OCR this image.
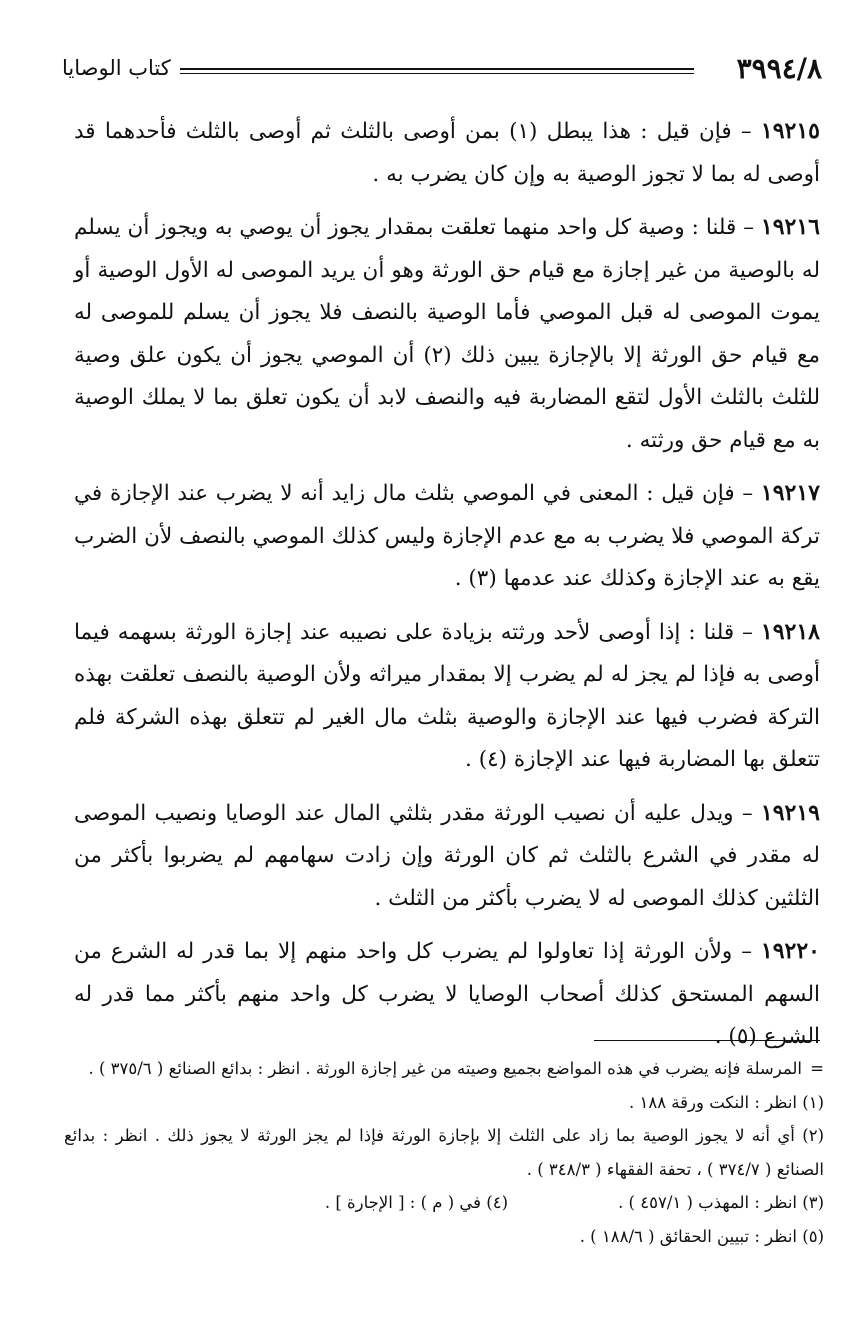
٣٩٩٤/٨
كتاب الوصايا

١٩٢١٥ – فإن قيل : هذا يبطل (١) بمن أوصى بالثلث ثم أوصى بالثلث فأحدهما قد أوصى له بما لا تجوز الوصية به وإن كان يضرب به .

١٩٢١٦ – قلنا : وصية كل واحد منهما تعلقت بمقدار يجوز أن يوصي به ويجوز أن يسلم له بالوصية من غير إجازة مع قيام حق الورثة وهو أن يريد الموصى له الأول الوصية أو يموت الموصى له قبل الموصي فأما الوصية بالنصف فلا يجوز أن يسلم للموصى له مع قيام حق الورثة إلا بالإجازة يبين ذلك (٢) أن الموصي يجوز أن يكون علق وصية للثلث بالثلث الأول لتقع المضاربة فيه والنصف لابد أن يكون تعلق بما لا يملك الوصية به مع قيام حق ورثته .

١٩٢١٧ – فإن قيل : المعنى في الموصي بثلث مال زايد أنه لا يضرب عند الإجازة في تركة الموصي فلا يضرب به مع عدم الإجازة وليس كذلك الموصي بالنصف لأن الضرب يقع به عند الإجازة وكذلك عند عدمها (٣) .

١٩٢١٨ – قلنا : إذا أوصى لأحد ورثته بزيادة على نصيبه عند إجازة الورثة بسهمه فيما أوصى به فإذا لم يجز له لم يضرب إلا بمقدار ميراثه ولأن الوصية بالنصف تعلقت بهذه التركة فضرب فيها عند الإجازة والوصية بثلث مال الغير لم تتعلق بهذه الشركة فلم تتعلق بها المضاربة فيها عند الإجازة (٤) .

١٩٢١٩ – ويدل عليه أن نصيب الورثة مقدر بثلثي المال عند الوصايا ونصيب الموصى له مقدر في الشرع بالثلث ثم كان الورثة وإن زادت سهامهم لم يضربوا بأكثر من الثلثين كذلك الموصى له لا يضرب بأكثر من الثلث .

١٩٢٢٠ – ولأن الورثة إذا تعاولوا لم يضرب كل واحد منهم إلا بما قدر له الشرع من السهم المستحق كذلك أصحاب الوصايا لا يضرب كل واحد منهم بأكثر مما قدر له الشرع (٥) .

=
المرسلة فإنه يضرب في هذه المواضع بجميع وصيته من غير إجازة الورثة . انظر : بدائع الصنائع ( ٣٧٥/٦ ) .

(١) انظر : النكت ورقة ١٨٨ .

(٢) أي أنه لا يجوز الوصية بما زاد على الثلث إلا بإجازة الورثة فإذا لم يجز الورثة لا يجوز ذلك . انظر : بدائع الصنائع ( ٣٧٤/٧ ) ، تحفة الفقهاء ( ٣٤٨/٣ ) .

(٣) انظر : المهذب ( ٤٥٧/١ ) .
(٤) في ( م ) : [ الإجارة ] .

(٥) انظر : تبيين الحقائق ( ١٨٨/٦ ) .
